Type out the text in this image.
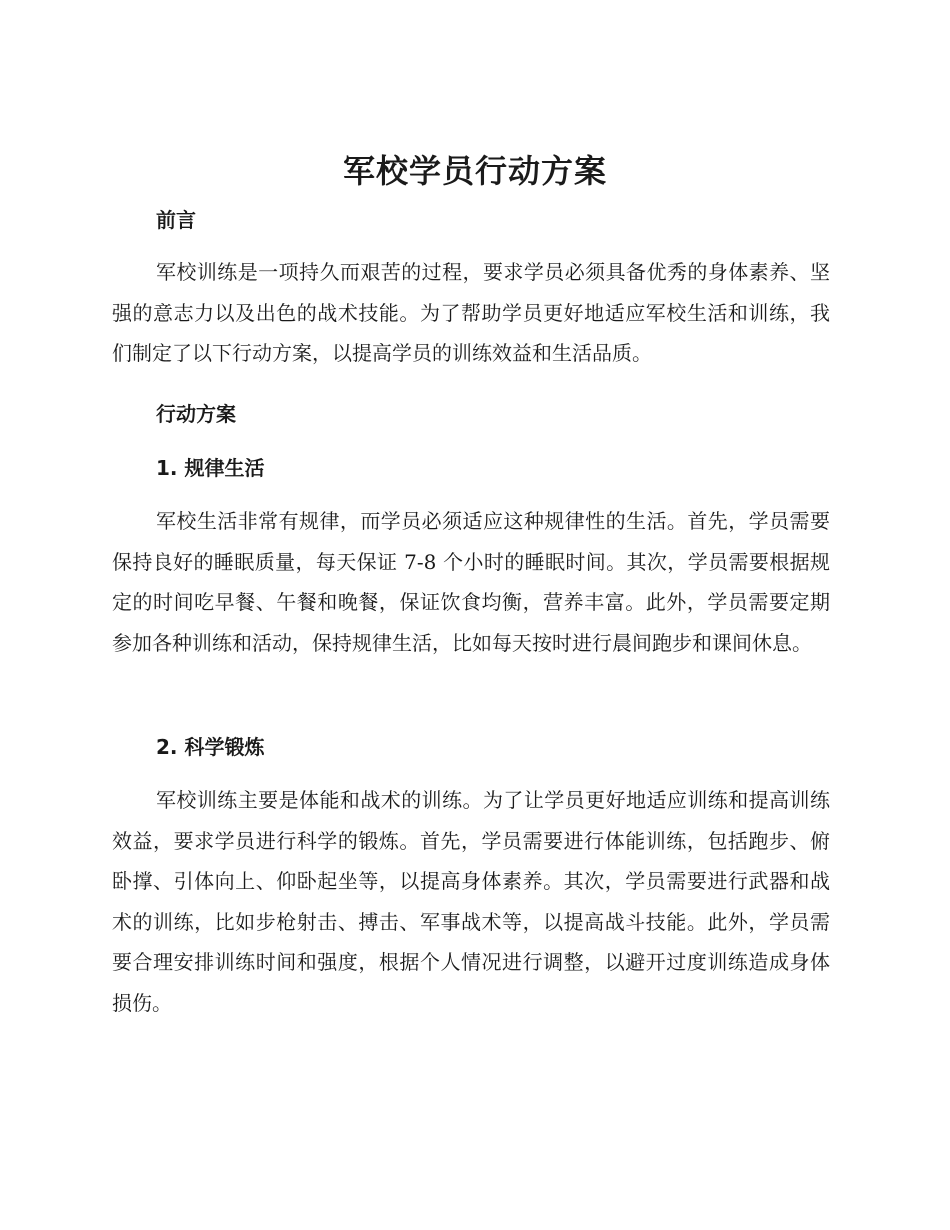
军校学员行动方案
前言

军校训练是一项持久而艰苦的过程，要求学员必须具备优秀的身体素养、坚强的意志力以及出色的战术技能。为了帮助学员更好地适应军校生活和训练，我们制定了以下行动方案，以提高学员的训练效益和生活品质。

行动方案
1. 规律生活

军校生活非常有规律，而学员必须适应这种规律性的生活。首先，学员需要保持良好的睡眠质量，每天保证 7-8 个小时的睡眠时间。其次，学员需要根据规定的时间吃早餐、午餐和晚餐，保证饮食均衡，营养丰富。此外，学员需要定期参加各种训练和活动，保持规律生活，比如每天按时进行晨间跑步和课间休息。

2. 科学锻炼

军校训练主要是体能和战术的训练。为了让学员更好地适应训练和提高训练效益，要求学员进行科学的锻炼。首先，学员需要进行体能训练，包括跑步、俯卧撑、引体向上、仰卧起坐等，以提高身体素养。其次，学员需要进行武器和战术的训练，比如步枪射击、搏击、军事战术等，以提高战斗技能。此外，学员需要合理安排训练时间和强度，根据个人情况进行调整，以避开过度训练造成身体损伤。
